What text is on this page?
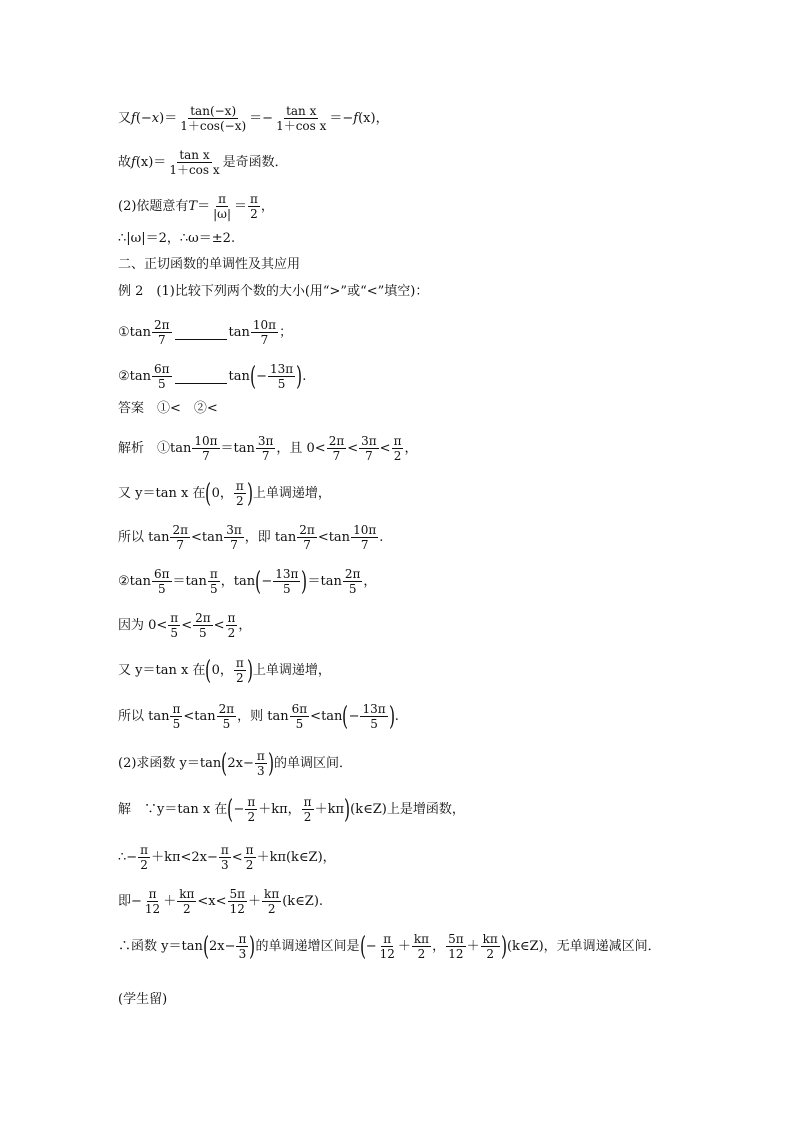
又 f (− x )＝ $\frac{\tan(-x)}{1+\cos(-x)} =- \frac{\text{tan x}}{\text{1＋cos x}} =- f$ (x)，
故 f $(x)= \frac{\text{tan x}}{\text{1＋cos x}}$ 是奇函数．
(2)依题意有 $T = \frac{\pi}{|\omega|} = \frac{\pi}{2}$ ，
∴|ω|＝2，∴ω＝±2.
二、正切函数的单调性及其应用
例 2　(1)比较下列两个数的大小(用“>”或“<”填空)：
①tan $\frac{2\pi}{7}$	$\tan \frac{10\pi}{7}$ ；
②tan $\frac{6\pi}{5}$	tan ( − $\frac{13\pi}{5}$ ) .
答案　①<　②<
解析　①tan $\frac{10\pi}{7} =\tan \frac{3\pi}{7}$ ，且 $0< \frac{2\pi}{7} < \frac{3\pi}{7} < \frac{\pi}{2}$ ，
又 y＝tan x 在 ( 0， $\frac{\pi}{2}$ ) 上单调递增，
所以 $\tan \frac{2\pi}{7} <\tan \frac{3\pi}{7}$ ，即 $\tan \frac{2\pi}{7} <\tan \frac{10\pi}{7}$ .
②tan $\frac{6\pi}{5} =\tan \frac{\pi}{5}$ ，tan ( − $\frac{13\pi}{5}$ ) $=\tan \frac{2\pi}{5}$ ，
因为 $0< \frac{\pi}{5} < \frac{2\pi}{5} < \frac{\pi}{2}$ ，
又 y＝tan x 在 ( 0， $\frac{\pi}{2}$ ) 上单调递增，
所以 $\tan \frac{\pi}{5} <\tan \frac{2\pi}{5}$ ，则 $\tan \frac{6\pi}{5} <\tan$ ( − $\frac{13\pi}{5}$ ) .
(2)求函数 y＝tan ( $2x- \frac{\pi}{3}$ ) 的单调区间．
解　∵y＝tan x 在 ( − $\frac{\pi}{2} +k\pi$， $\frac{\pi}{2} +k\pi$ ) (k∈Z)上是增函数，
∴− $\frac{\pi}{2} +k\pi<2x- \frac{\pi}{3} < \frac{\pi}{2}$ ＋kπ(k∈Z)，
即− $\frac{\pi}{12} + \frac{k\pi}{2} <x< \frac{5\pi}{12} + \frac{k\pi}{2}$ (k∈Z).
∴函数 y＝tan ( $2x- \frac{\pi}{3}$ ) 的单调递增区间是 ( − $\frac{\pi}{12} + \frac{k\pi}{2}$ ， $\frac{5\pi}{12} + \frac{k\pi}{2}$ ) (k∈Z)，无单调递减区间．
(学生留)
